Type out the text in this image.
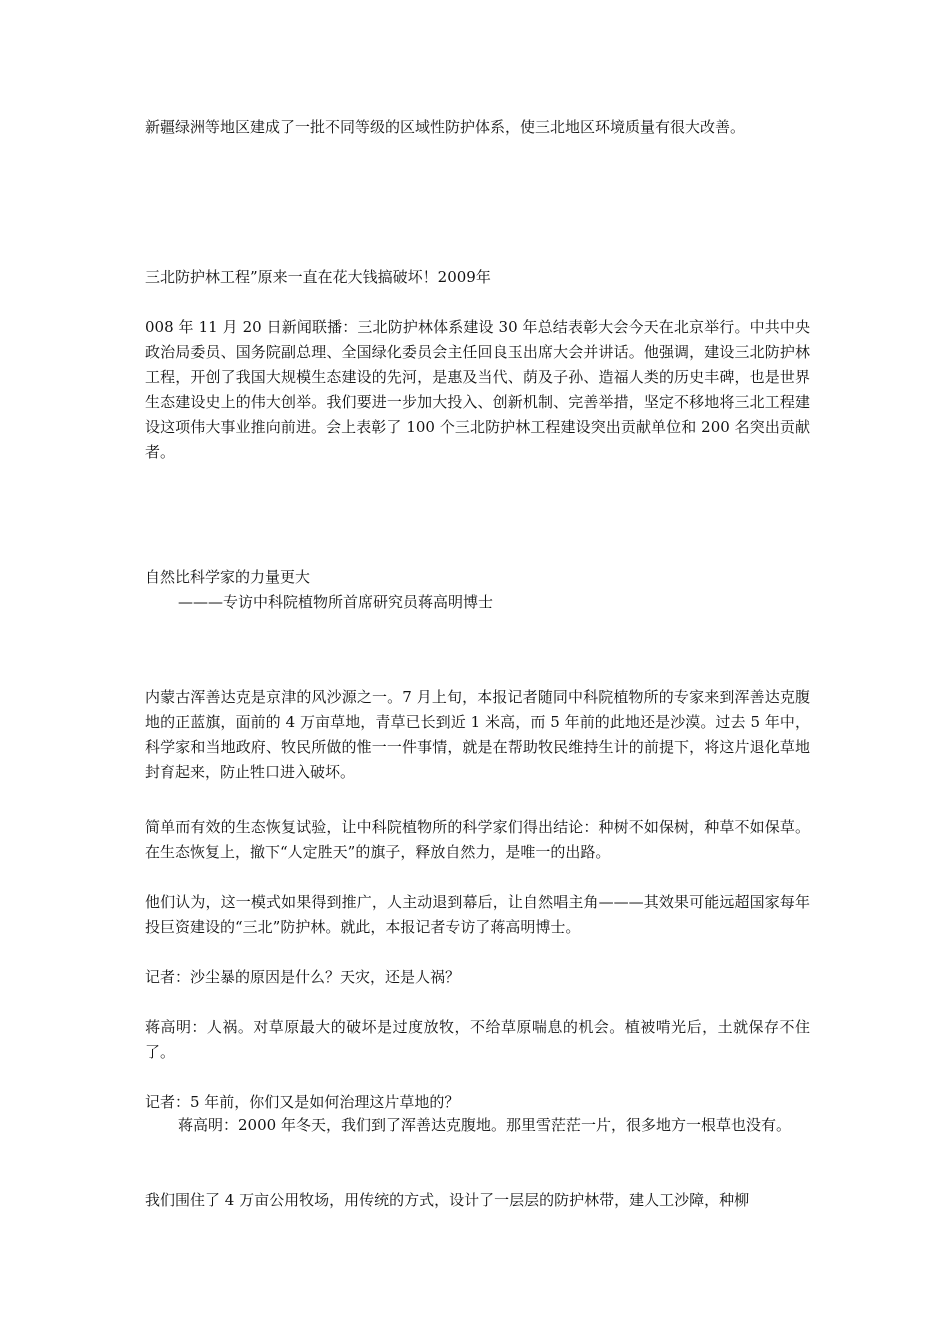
新疆绿洲等地区建成了一批不同等级的区域性防护体系，使三北地区环境质量有很大改善。

三北防护林工程”原来一直在花大钱搞破坏！2009年

008 年 11 月 20 日新闻联播：三北防护林体系建设 30 年总结表彰大会今天在北京举行。中共中央政治局委员、国务院副总理、全国绿化委员会主任回良玉出席大会并讲话。他强调，建设三北防护林工程，开创了我国大规模生态建设的先河，是惠及当代、荫及子孙、造福人类的历史丰碑，也是世界生态建设史上的伟大创举。我们要进一步加大投入、创新机制、完善举措，坚定不移地将三北工程建设这项伟大事业推向前进。会上表彰了 100 个三北防护林工程建设突出贡献单位和 200 名突出贡献者。

自然比科学家的力量更大

———专访中科院植物所首席研究员蒋高明博士

内蒙古浑善达克是京津的风沙源之一。7 月上旬，本报记者随同中科院植物所的专家来到浑善达克腹地的正蓝旗，面前的 4 万亩草地，青草已长到近 1 米高，而 5 年前的此地还是沙漠。过去 5 年中，科学家和当地政府、牧民所做的惟一一件事情，就是在帮助牧民维持生计的前提下，将这片退化草地封育起来，防止牲口进入破坏。

简单而有效的生态恢复试验，让中科院植物所的科学家们得出结论：种树不如保树，种草不如保草。在生态恢复上，撤下“人定胜天”的旗子，释放自然力，是唯一的出路。

他们认为，这一模式如果得到推广，人主动退到幕后，让自然唱主角———其效果可能远超国家每年投巨资建设的“三北”防护林。就此，本报记者专访了蒋高明博士。

记者：沙尘暴的原因是什么？天灾，还是人祸？

蒋高明：人祸。对草原最大的破坏是过度放牧，不给草原喘息的机会。植被啃光后，土就保存不住了。

记者：5 年前，你们又是如何治理这片草地的？

蒋高明：2000 年冬天，我们到了浑善达克腹地。那里雪茫茫一片，很多地方一根草也没有。

我们围住了 4 万亩公用牧场，用传统的方式，设计了一层层的防护林带，建人工沙障，种柳
